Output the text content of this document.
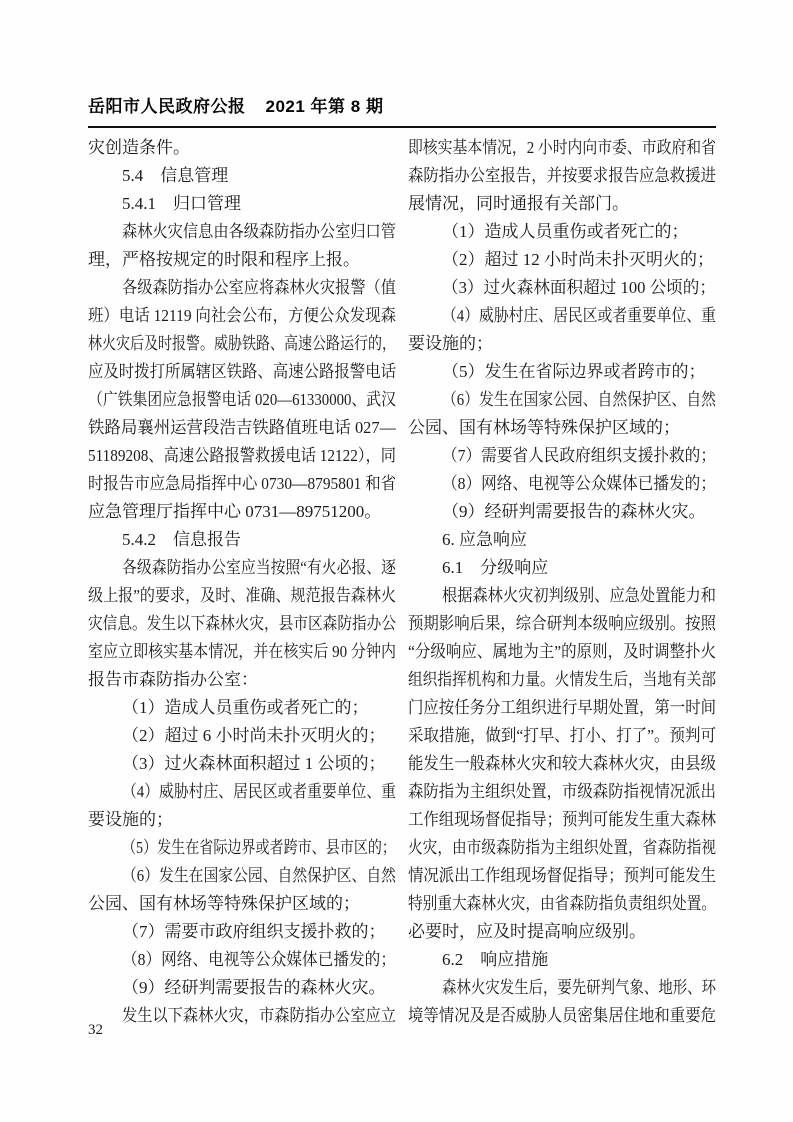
岳阳市人民政府公报 2021 年第 8 期
灾创造条件。
5.4　信息管理
5.4.1　归口管理
森林火灾信息由各级森防指办公室归口管
理，严格按规定的时限和程序上报。
各级森防指办公室应将森林火灾报警（值
班）电话 12119 向社会公布，方便公众发现森
林火灾后及时报警。威胁铁路、高速公路运行的，
应及时拨打所属辖区铁路、高速公路报警电话
（广铁集团应急报警电话 020—61330000、武汉
铁路局襄州运营段浩吉铁路值班电话 027—
51189208、高速公路报警救援电话 12122），同
时报告市应急局指挥中心 0730—8795801 和省
应急管理厅指挥中心 0731—89751200。
5.4.2　信息报告
各级森防指办公室应当按照“有火必报、逐
级上报”的要求，及时、准确、规范报告森林火
灾信息。发生以下森林火灾，县市区森防指办公
室应立即核实基本情况，并在核实后 90 分钟内
报告市森防指办公室：
（1）造成人员重伤或者死亡的；
（2）超过 6 小时尚未扑灭明火的；
（3）过火森林面积超过 1 公顷的；
（4）威胁村庄、居民区或者重要单位、重
要设施的；
（5）发生在省际边界或者跨市、县市区的；
（6）发生在国家公园、自然保护区、自然
公园、国有林场等特殊保护区域的；
（7）需要市政府组织支援扑救的；
（8）网络、电视等公众媒体已播发的；
（9）经研判需要报告的森林火灾。
发生以下森林火灾，市森防指办公室应立
即核实基本情况，2 小时内向市委、市政府和省
森防指办公室报告，并按要求报告应急救援进
展情况，同时通报有关部门。
（1）造成人员重伤或者死亡的；
（2）超过 12 小时尚未扑灭明火的；
（3）过火森林面积超过 100 公顷的；
（4）威胁村庄、居民区或者重要单位、重
要设施的；
（5）发生在省际边界或者跨市的；
（6）发生在国家公园、自然保护区、自然
公园、国有林场等特殊保护区域的；
（7）需要省人民政府组织支援扑救的；
（8）网络、电视等公众媒体已播发的；
（9）经研判需要报告的森林火灾。
6. 应急响应
6.1　分级响应
根据森林火灾初判级别、应急处置能力和
预期影响后果，综合研判本级响应级别。按照
“分级响应、属地为主”的原则，及时调整扑火
组织指挥机构和力量。火情发生后，当地有关部
门应按任务分工组织进行早期处置，第一时间
采取措施，做到“打早、打小、打了”。预判可
能发生一般森林火灾和较大森林火灾，由县级
森防指为主组织处置，市级森防指视情况派出
工作组现场督促指导；预判可能发生重大森林
火灾，由市级森防指为主组织处置，省森防指视
情况派出工作组现场督促指导；预判可能发生
特别重大森林火灾，由省森防指负责组织处置。
必要时，应及时提高响应级别。
6.2　响应措施
森林火灾发生后，要先研判气象、地形、环
境等情况及是否威胁人员密集居住地和重要危
32
